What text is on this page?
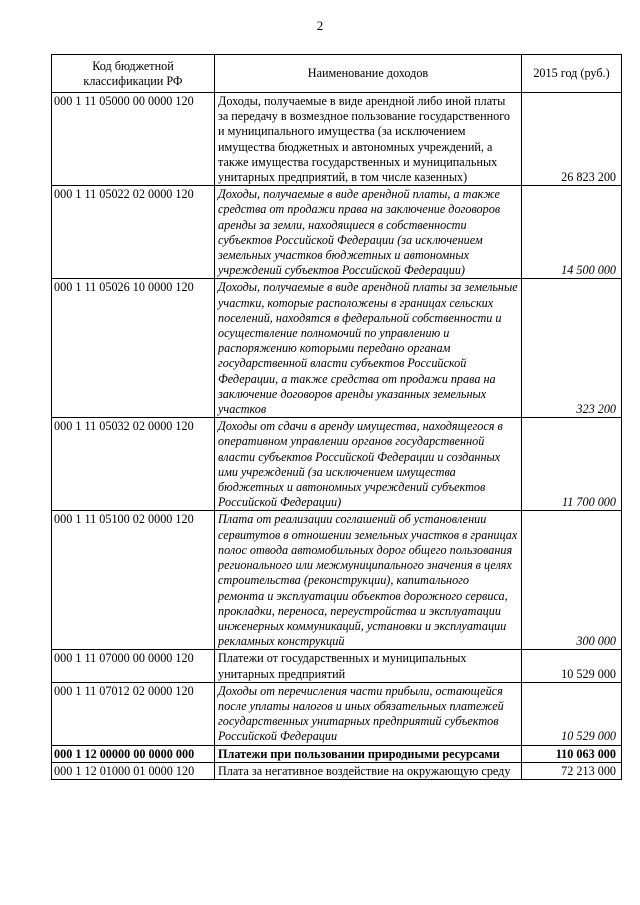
2
Код бюджетной классификации РФ	Наименование доходов	2015 год (руб.)
000 1 11 05000 00 0000 120	Доходы, получаемые в виде арендной либо иной платы за передачу в возмездное пользование государственного и муниципального имущества (за исключением имущества бюджетных и автономных учреждений, а также имущества государственных и муниципальных унитарных предприятий, в том числе казенных)	26 823 200
000 1 11 05022 02 0000 120	Доходы, получаемые в виде арендной платы, а также средства от продажи права на заключение договоров аренды за земли, находящиеся в собственности субъектов Российской Федерации (за исключением земельных участков бюджетных и автономных учреждений субъектов Российской Федерации)	14 500 000
000 1 11 05026 10 0000 120	Доходы, получаемые в виде арендной платы за земельные участки, которые расположены в границах сельских поселений, находятся в федеральной собственности и осуществление полномочий по управлению и распоряжению которыми передано органам государственной власти субъектов Российской Федерации, а также средства от продажи права на заключение договоров аренды указанных земельных участков	323 200
000 1 11 05032 02 0000 120	Доходы от сдачи в аренду имущества, находящегося в оперативном управлении органов государственной власти субъектов Российской Федерации и созданных ими учреждений (за исключением имущества бюджетных и автономных учреждений субъектов Российской Федерации)	11 700 000
000 1 11 05100 02 0000 120	Плата от реализации соглашений об установлении сервитутов в отношении земельных участков в границах полос отвода автомобильных дорог общего пользования регионального или межмуниципального значения в целях строительства (реконструкции), капитального ремонта и эксплуатации объектов дорожного сервиса, прокладки, переноса, переустройства и эксплуатации инженерных коммуникаций, установки и эксплуатации рекламных конструкций	300 000
000 1 11 07000 00 0000 120	Платежи от государственных и муниципальных унитарных предприятий	10 529 000
000 1 11 07012 02 0000 120	Доходы от перечисления части прибыли, остающейся после уплаты налогов и иных обязательных платежей государственных унитарных предприятий субъектов Российской Федерации	10 529 000
000 1 12 00000 00 0000 000	Платежи при пользовании природными ресурсами	110 063 000
000 1 12 01000 01 0000 120	Плата за негативное воздействие на окружающую среду	72 213 000
